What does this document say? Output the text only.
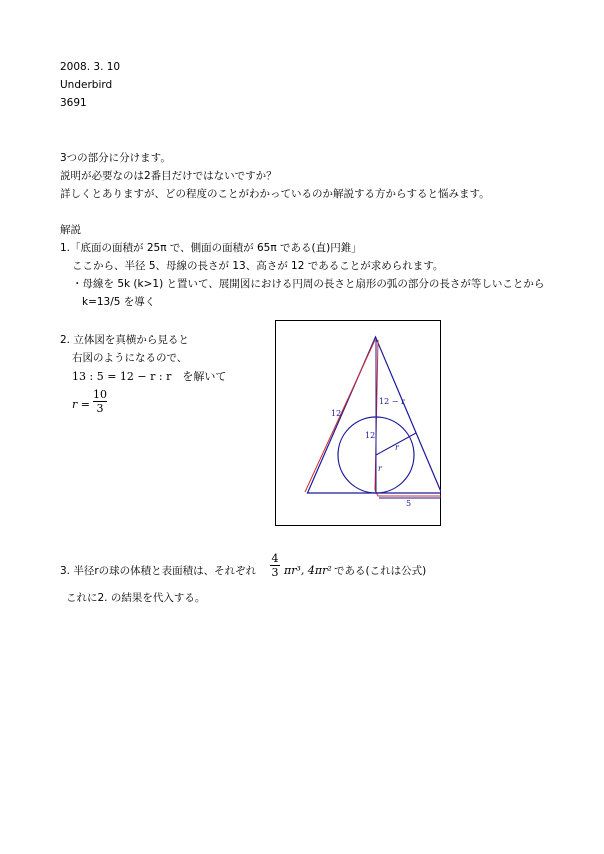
2008. 3. 10
Underbird
3691
3つの部分に分けます。
説明が必要なのは2番目だけではないですか？
詳しくとありますが、どの程度のことがわかっているのか解説する方からすると悩みます。
解説
1.「底面の面積が 25π で、側面の面積が 65π である(直)円錐」
ここから、半径 5、母線の長さが 13、高さが 12 であることが求められます。
・母線を 5k (k>1) と置いて、展開図における円周の長さと扇形の弧の部分の長さが等しいことから
k=13/5 を導く
2. 立体図を真横から見ると
右図のようになるので、
13 : 5 = 12 − r : r　を解いて
r =
10
3	12
12 − r
12
r
r
5
3. 半径rの球の体積と表面積は、それぞれ
4
3 πr³, 4πr² である(これは公式)
これに2. の結果を代入する。
